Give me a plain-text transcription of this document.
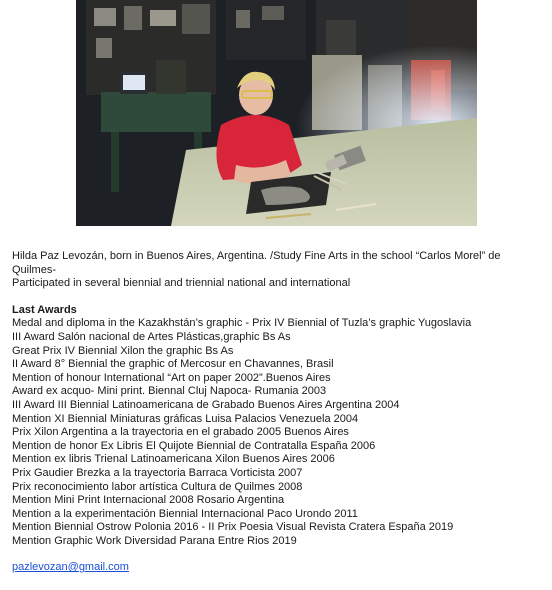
Hilda Paz Levozán, born in Buenos Aires, Argentina. /Study Fine Arts in the school “Carlos Morel” de

Quilmes-

Participated in several biennial and triennial national and international

Last Awards
Medal and diploma in the Kazakhstán’s graphic - Prix IV Biennial of Tuzla’s graphic Yugoslavia
III Award Salón nacional de Artes Plásticas,graphic Bs As
Great Prix IV Biennial Xilon the graphic Bs As
II Award 8° Biennial the graphic of Mercosur en Chavannes, Brasil
Mention of honour International “Art on paper 2002”.Buenos Aires
Award ex acquo- Mini print. Biennal Cluj Napoca- Rumania 2003
III Award III Biennial Latinoamericana de Grabado Buenos Aires Argentina 2004
Mention XI Biennial Miniaturas gráficas Luisa Palacios Venezuela 2004
Prix Xilon Argentina a la trayectoria en el grabado 2005 Buenos Aires
Mention de honor Ex Libris El Quijote Biennial de Contratalla España 2006
Mention ex libris Trienal Latinoamericana Xilon Buenos Aires 2006
Prix Gaudier Brezka a la trayectoria Barraca Vorticista 2007
Prix reconocimiento labor artística Cultura de Quilmes 2008
Mention Mini Print Internacional 2008 Rosario Argentina
Mention a la experimentación Biennial Internacional Paco Urondo 2011
Mention Biennial Ostrow Polonia 2016 - II Prix Poesia Visual Revista Cratera España 2019
Mention Graphic Work Diversidad Parana Entre Rios 2019
pazlevozan@gmail.com
